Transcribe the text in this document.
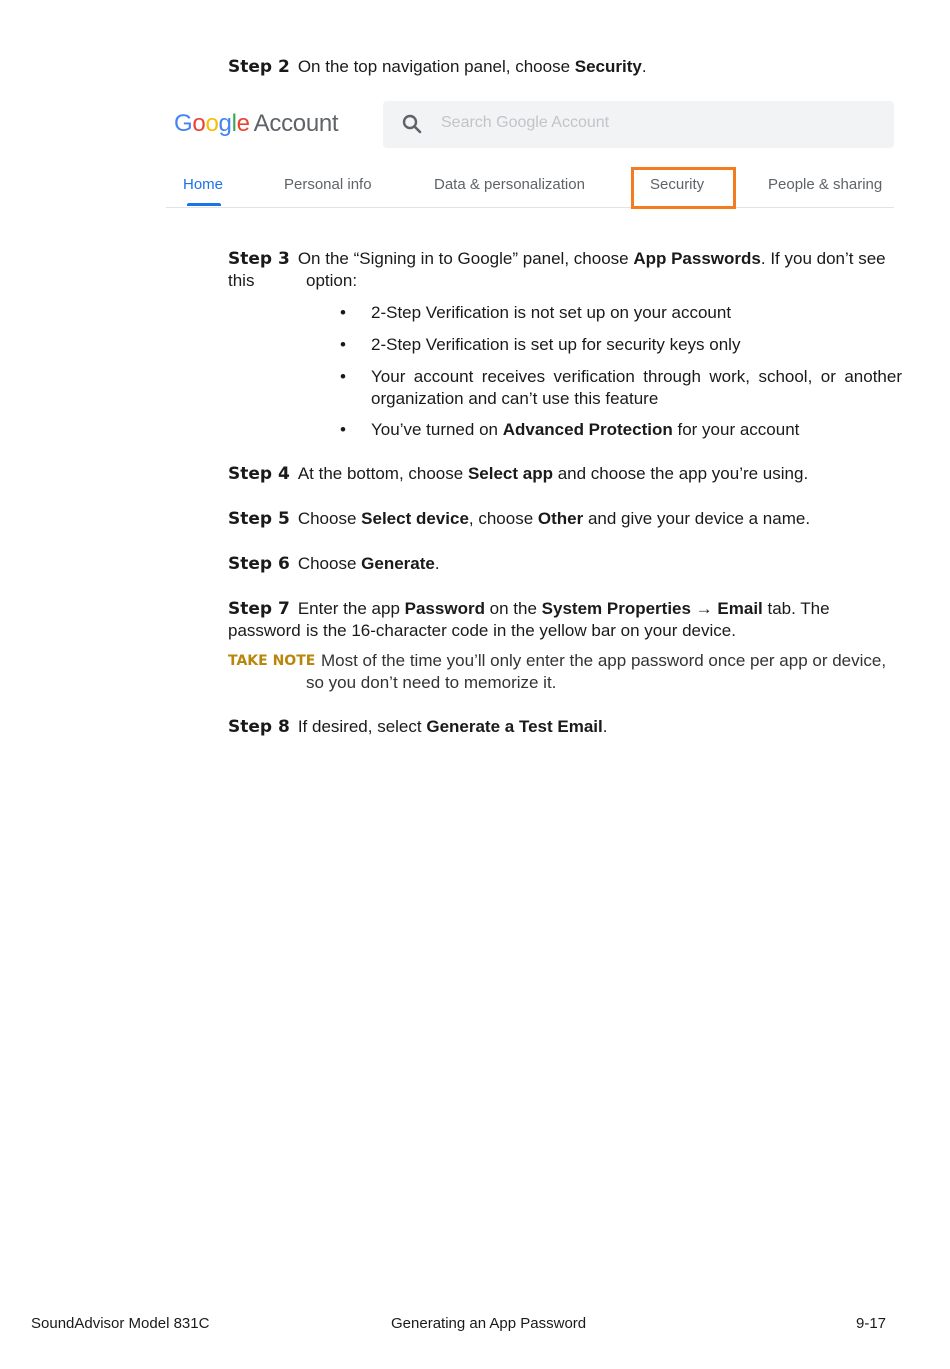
Step 2 On the top navigation panel, choose Security.
Google Account	Search Google Account
Home	Personal info	Data & personalization	Security	People & sharing
Step 3 On the “Signing in to Google” panel, choose App Passwords. If you don’t see this	option:
• 2-Step Verification is not set up on your account
• 2-Step Verification is set up for security keys only
• Your account receives verification through work, school, or another
organization and can’t use this feature
• You’ve turned on Advanced Protection for your account
Step 4 At the bottom, choose Select app and choose the app you’re using.
Step 5 Choose Select device, choose Other and give your device a name.
Step 6 Choose Generate.
Step 7 Enter the app Password on the System Properties → Email tab. The password is the 16-character code in the yellow bar on your device.
TAKE NOTE Most of the time you’ll only enter the app password once per app or device,
so you don’t need to memorize it.
Step 8 If desired, select Generate a Test Email.
SoundAdvisor Model 831C	Generating an App Password	9-17
